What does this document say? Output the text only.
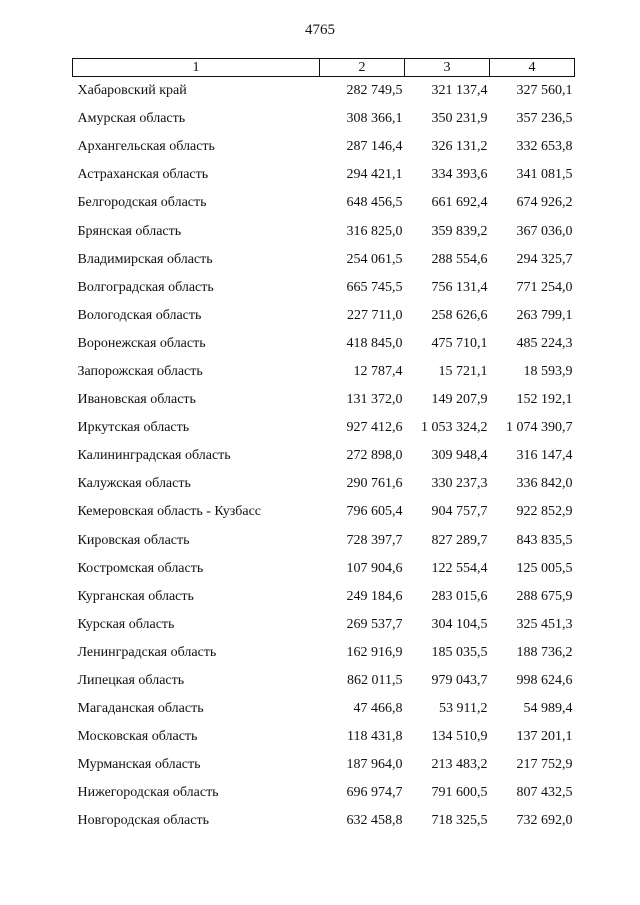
4765
1	2	3	4
Хабаровский край	282 749,5	321 137,4	327 560,1
Амурская область	308 366,1	350 231,9	357 236,5
Архангельская область	287 146,4	326 131,2	332 653,8
Астраханская область	294 421,1	334 393,6	341 081,5
Белгородская область	648 456,5	661 692,4	674 926,2
Брянская область	316 825,0	359 839,2	367 036,0
Владимирская область	254 061,5	288 554,6	294 325,7
Волгоградская область	665 745,5	756 131,4	771 254,0
Вологодская область	227 711,0	258 626,6	263 799,1
Воронежская область	418 845,0	475 710,1	485 224,3
Запорожская область	12 787,4	15 721,1	18 593,9
Ивановская область	131 372,0	149 207,9	152 192,1
Иркутская область	927 412,6	1 053 324,2	1 074 390,7
Калининградская область	272 898,0	309 948,4	316 147,4
Калужская область	290 761,6	330 237,3	336 842,0
Кемеровская область - Кузбасс	796 605,4	904 757,7	922 852,9
Кировская область	728 397,7	827 289,7	843 835,5
Костромская область	107 904,6	122 554,4	125 005,5
Курганская область	249 184,6	283 015,6	288 675,9
Курская область	269 537,7	304 104,5	325 451,3
Ленинградская область	162 916,9	185 035,5	188 736,2
Липецкая область	862 011,5	979 043,7	998 624,6
Магаданская область	47 466,8	53 911,2	54 989,4
Московская область	118 431,8	134 510,9	137 201,1
Мурманская область	187 964,0	213 483,2	217 752,9
Нижегородская область	696 974,7	791 600,5	807 432,5
Новгородская область	632 458,8	718 325,5	732 692,0
